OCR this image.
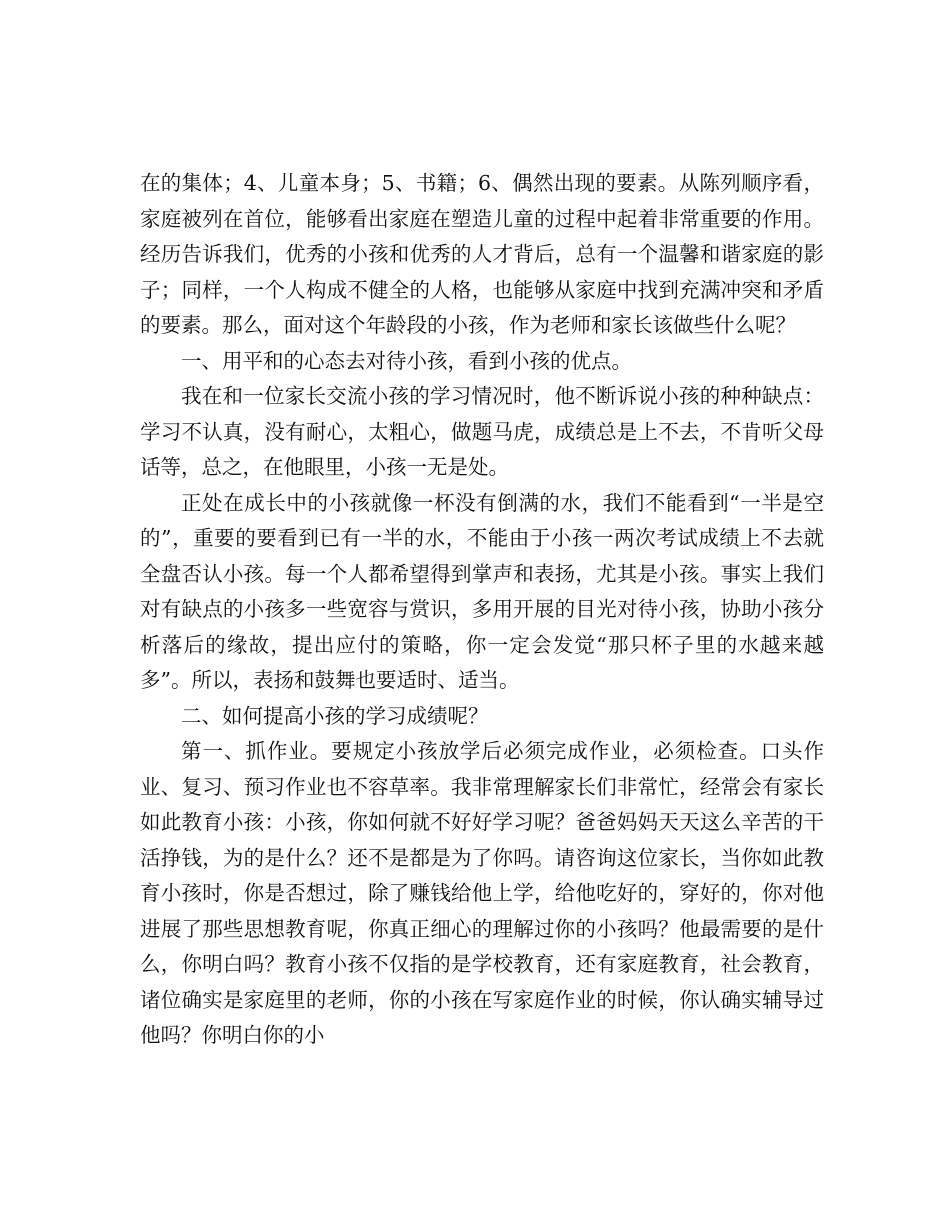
在的集体；4、儿童本身；5、书籍；6、偶然出现的要素。从陈列顺序看，家庭被列在首位，能够看出家庭在塑造儿童的过程中起着非常重要的作用。经历告诉我们，优秀的小孩和优秀的人才背后，总有一个温馨和谐家庭的影子；同样，一个人构成不健全的人格，也能够从家庭中找到充满冲突和矛盾的要素。那么，面对这个年龄段的小孩，作为老师和家长该做些什么呢？

一、用平和的心态去对待小孩，看到小孩的优点。

我在和一位家长交流小孩的学习情况时，他不断诉说小孩的种种缺点：学习不认真，没有耐心，太粗心，做题马虎，成绩总是上不去，不肯听父母话等，总之，在他眼里，小孩一无是处。

正处在成长中的小孩就像一杯没有倒满的水，我们不能看到“一半是空的”，重要的要看到已有一半的水，不能由于小孩一两次考试成绩上不去就全盘否认小孩。每一个人都希望得到掌声和表扬，尤其是小孩。事实上我们对有缺点的小孩多一些宽容与赏识，多用开展的目光对待小孩，协助小孩分析落后的缘故，提出应付的策略，你一定会发觉“那只杯子里的水越来越多”。所以，表扬和鼓舞也要适时、适当。

二、如何提高小孩的学习成绩呢？

第一、抓作业。要规定小孩放学后必须完成作业，必须检查。口头作业、复习、预习作业也不容草率。我非常理解家长们非常忙，经常会有家长如此教育小孩：小孩，你如何就不好好学习呢？爸爸妈妈天天这么辛苦的干活挣钱，为的是什么？还不是都是为了你吗。请咨询这位家长，当你如此教育小孩时，你是否想过，除了赚钱给他上学，给他吃好的，穿好的，你对他进展了那些思想教育呢，你真正细心的理解过你的小孩吗？他最需要的是什么，你明白吗？教育小孩不仅指的是学校教育，还有家庭教育，社会教育，诸位确实是家庭里的老师，你的小孩在写家庭作业的时候，你认确实辅导过他吗？你明白你的小
